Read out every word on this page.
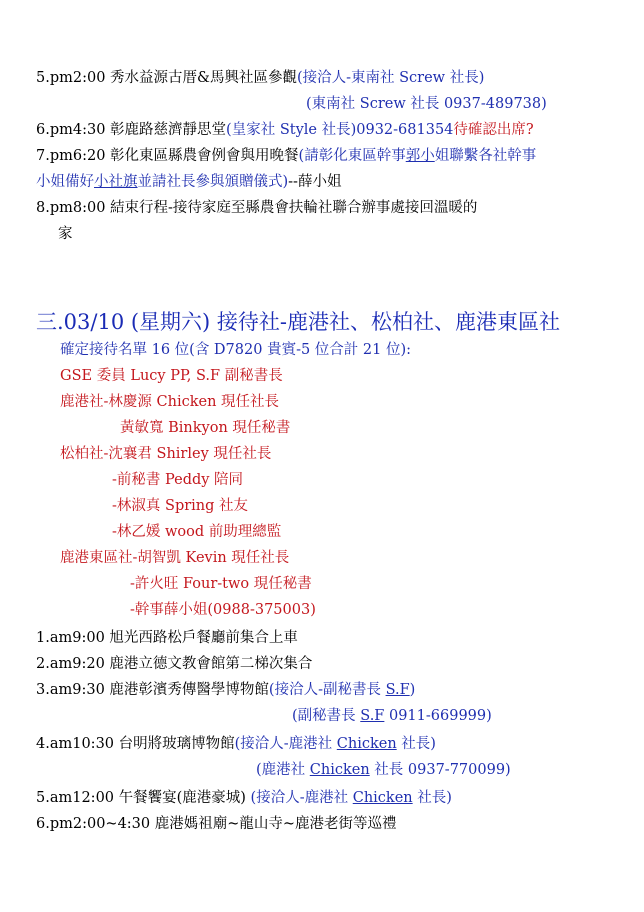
5.pm2:00 秀水益源古厝&馬興社區參觀(接洽人-東南社 Screw 社長)
(東南社 Screw 社長 0937-489738)
6.pm4:30 彰鹿路慈濟靜思堂(皇家社 Style 社長)0932-681354待確認出席?
7.pm6:20 彰化東區縣農會例會與用晚餐(請彰化東區幹事郭小姐聯繫各社幹事
小姐備好小社旗並請社長參與頒贈儀式)--薛小姐
8.pm8:00 結束行程-接待家庭至縣農會扶輪社聯合辦事處接回溫暖的
家
三.03/10 (星期六) 接待社-鹿港社、松柏社、鹿港東區社
確定接待名單 16 位(含 D7820 貴賓-5 位合計 21 位):
GSE 委員 Lucy PP, S.F 副秘書長
鹿港社-林慶源 Chicken 現任社長
黃敏寬 Binkyon 現任秘書
松柏社-沈襄君 Shirley 現任社長
-前秘書 Peddy 陪同
-林淑真 Spring 社友
-林乙媛 wood 前助理總監
鹿港東區社-胡智凱 Kevin 現任社長
-許火旺 Four-two 現任秘書
-幹事薛小姐(0988-375003)
1.am9:00 旭光西路松戶餐廳前集合上車
2.am9:20 鹿港立德文教會館第二梯次集合
3.am9:30 鹿港彰濱秀傳醫學博物館(接洽人-副秘書長 S.F)
(副秘書長 S.F 0911-669999)
4.am10:30 台明將玻璃博物館(接洽人-鹿港社 Chicken 社長)
(鹿港社 Chicken 社長 0937-770099)
5.am12:00 午餐饗宴(鹿港豪城) (接洽人-鹿港社 Chicken 社長)
6.pm2:00~4:30 鹿港媽祖廟~龍山寺~鹿港老街等巡禮
